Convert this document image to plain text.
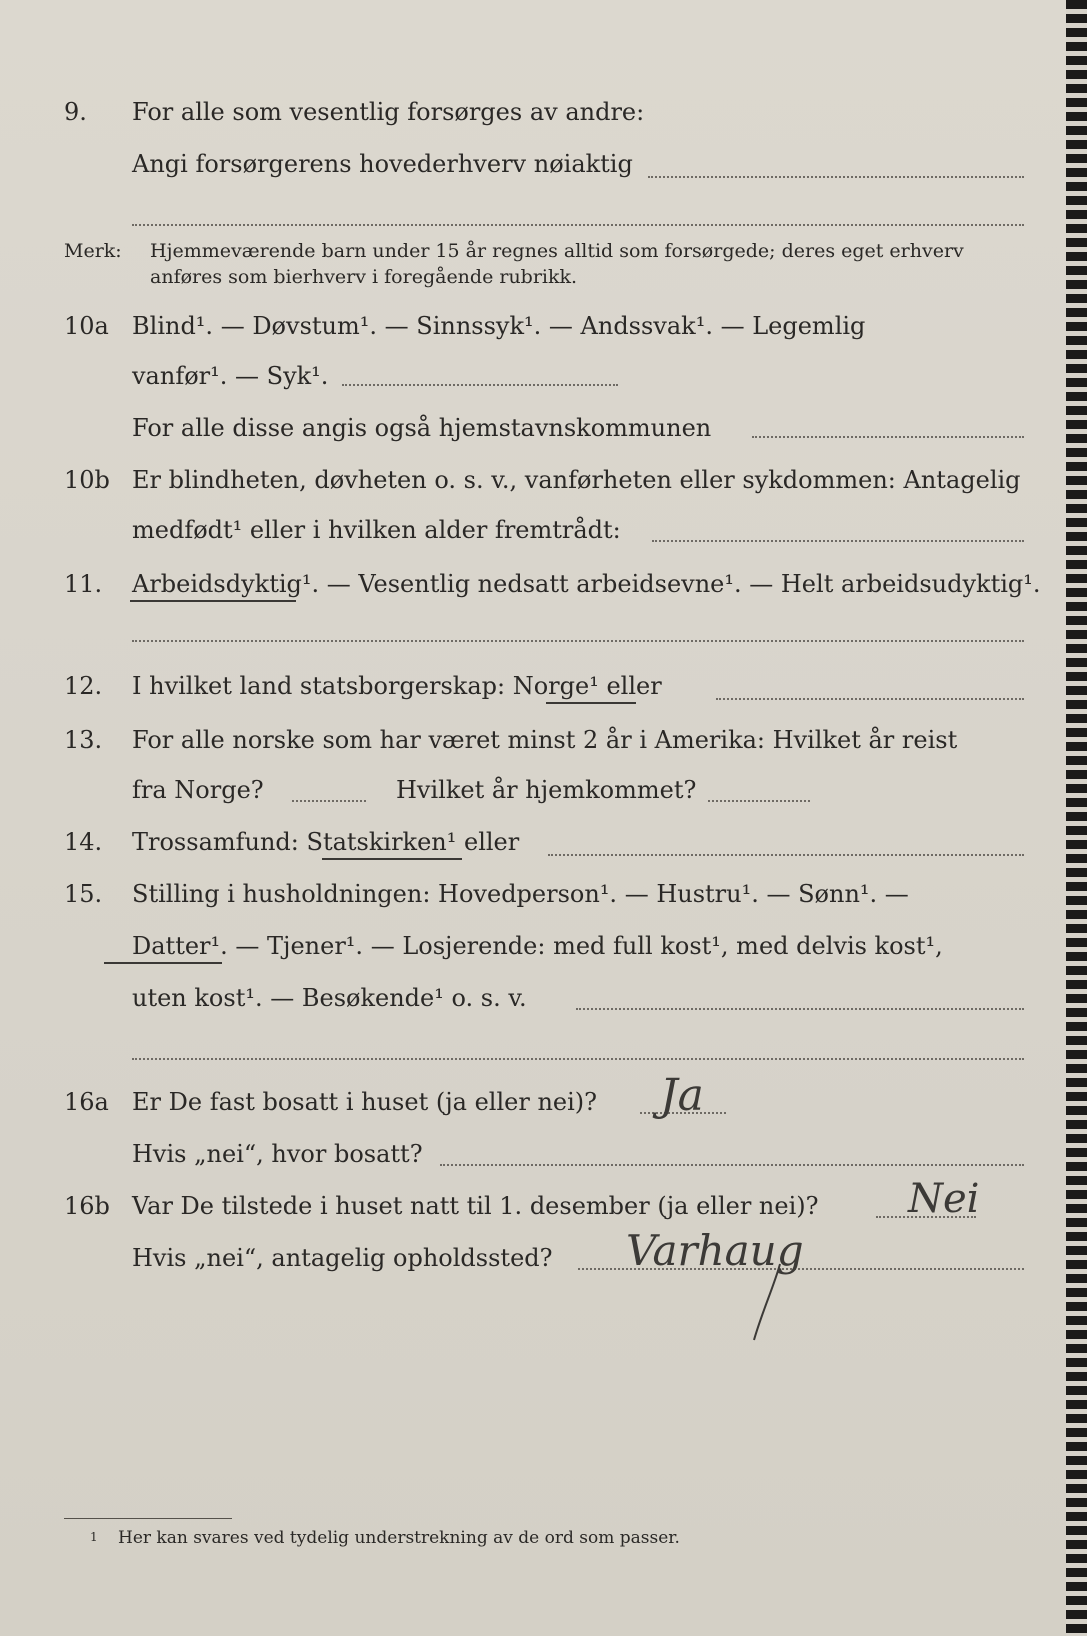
9. For alle som vesentlig forsørges av andre:
Angi forsørgerens hovederhverv nøiaktig
Merk: Hjemmeværende barn under 15 år regnes alltid som forsørgede; deres eget erhverv
anføres som bierhverv i foregående rubrikk.
10a Blind¹. — Døvstum¹. — Sinnssyk¹. — Andssvak¹. — Legemlig
vanfør¹. — Syk¹.
For alle disse angis også hjemstavnskommunen
10b Er blindheten, døvheten o. s. v., vanførheten eller sykdommen: Antagelig
medfødt¹ eller i hvilken alder fremtrådt:
11. Arbeidsdyktig¹. — Vesentlig nedsatt arbeidsevne¹. — Helt arbeidsudyktig¹.
12. I hvilket land statsborgerskap: Norge¹ eller
13. For alle norske som har været minst 2 år i Amerika: Hvilket år reist
fra Norge?	Hvilket år hjemkommet?
14. Trossamfund: Statskirken¹ eller
15. Stilling i husholdningen: Hovedperson¹. — Hustru¹. — Sønn¹. —
Datter¹. — Tjener¹. — Losjerende: med full kost¹, med delvis kost¹,
uten kost¹. — Besøkende¹ o. s. v.
16a Er De fast bosatt i huset (ja eller nei)? Ja
Hvis „nei“, hvor bosatt?
16b Var De tilstede i huset natt til 1. desember (ja eller nei)? Nei
Hvis „nei“, antagelig opholdssted? Varhaug
1 Her kan svares ved tydelig understrekning av de ord som passer.
